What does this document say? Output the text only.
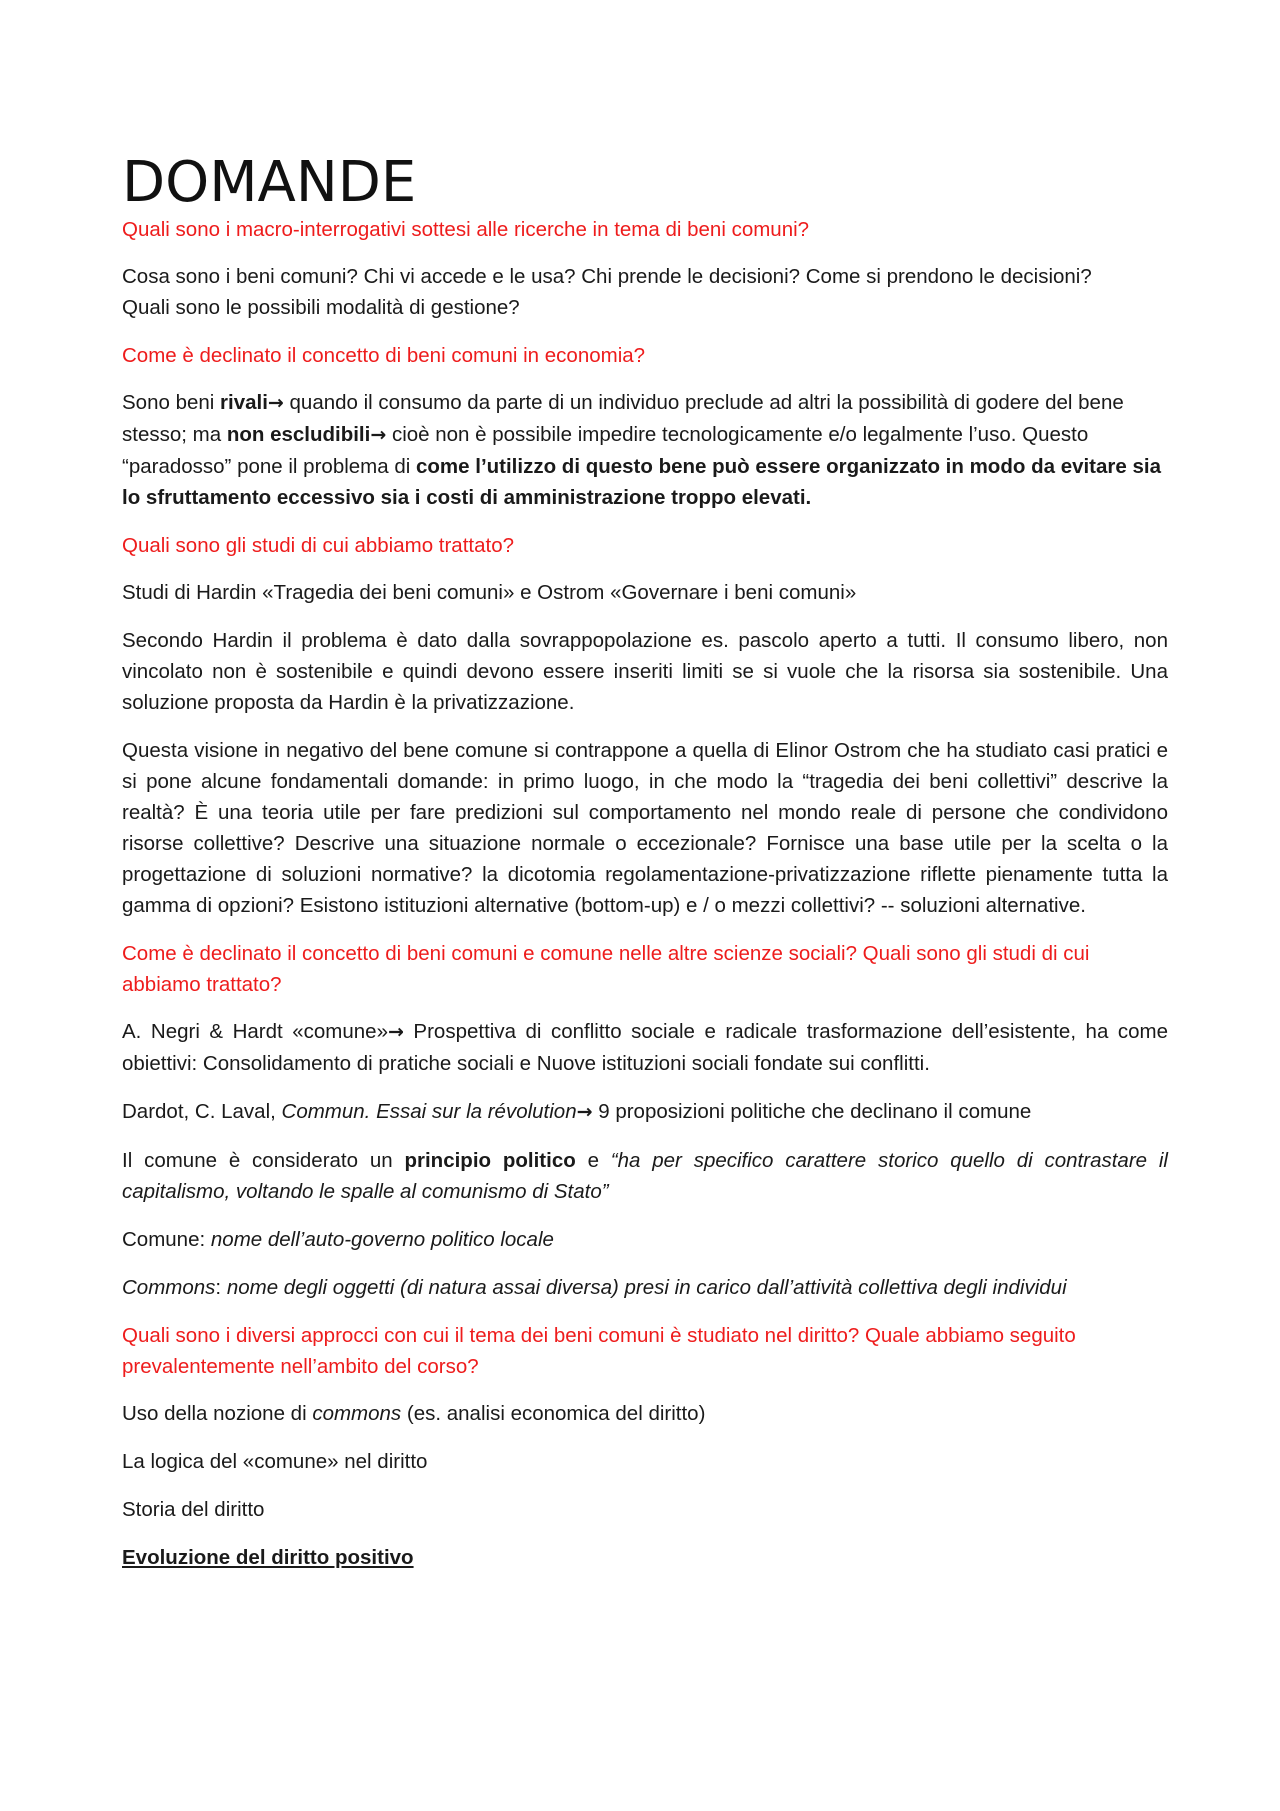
DOMANDE

Quali sono i macro-interrogativi sottesi alle ricerche in tema di beni comuni?

Cosa sono i beni comuni? Chi vi accede e le usa? Chi prende le decisioni? Come si prendono le decisioni?
Quali sono le possibili modalità di gestione?

Come è declinato il concetto di beni comuni in economia?

Sono beni rivali→ quando il consumo da parte di un individuo preclude ad altri la possibilità di godere del bene stesso; ma non escludibili→ cioè non è possibile impedire tecnologicamente e/o legalmente l’uso. Questo “paradosso” pone il problema di come l’utilizzo di questo bene può essere organizzato in modo da evitare sia lo sfruttamento eccessivo sia i costi di amministrazione troppo elevati.

Quali sono gli studi di cui abbiamo trattato?

Studi di Hardin «Tragedia dei beni comuni» e Ostrom «Governare i beni comuni»

Secondo Hardin il problema è dato dalla sovrappopolazione es. pascolo aperto a tutti. Il consumo libero, non vincolato non è sostenibile e quindi devono essere inseriti limiti se si vuole che la risorsa sia sostenibile. Una soluzione proposta da Hardin è la privatizzazione.

Questa visione in negativo del bene comune si contrappone a quella di Elinor Ostrom che ha studiato casi pratici e si pone alcune fondamentali domande: in primo luogo, in che modo la “tragedia dei beni collettivi” descrive la realtà? È una teoria utile per fare predizioni sul comportamento nel mondo reale di persone che condividono risorse collettive? Descrive una situazione normale o eccezionale? Fornisce una base utile per la scelta o la progettazione di soluzioni normative? la dicotomia regolamentazione-privatizzazione riflette pienamente tutta la gamma di opzioni? Esistono istituzioni alternative (bottom-up) e / o mezzi collettivi? -- soluzioni alternative.

Come è declinato il concetto di beni comuni e comune nelle altre scienze sociali? Quali sono gli studi di cui abbiamo trattato?

A. Negri & Hardt «comune»→ Prospettiva di conflitto sociale e radicale trasformazione dell’esistente, ha come obiettivi: Consolidamento di pratiche sociali e Nuove istituzioni sociali fondate sui conflitti.

Dardot, C. Laval, Commun. Essai sur la révolution→ 9 proposizioni politiche che declinano il comune

Il comune è considerato un principio politico e “ha per specifico carattere storico quello di contrastare il capitalismo, voltando le spalle al comunismo di Stato”

Comune: nome dell’auto-governo politico locale

Commons: nome degli oggetti (di natura assai diversa) presi in carico dall’attività collettiva degli individui

Quali sono i diversi approcci con cui il tema dei beni comuni è studiato nel diritto? Quale abbiamo seguito prevalentemente nell’ambito del corso?

Uso della nozione di commons (es. analisi economica del diritto)

La logica del «comune» nel diritto

Storia del diritto

Evoluzione del diritto positivo
